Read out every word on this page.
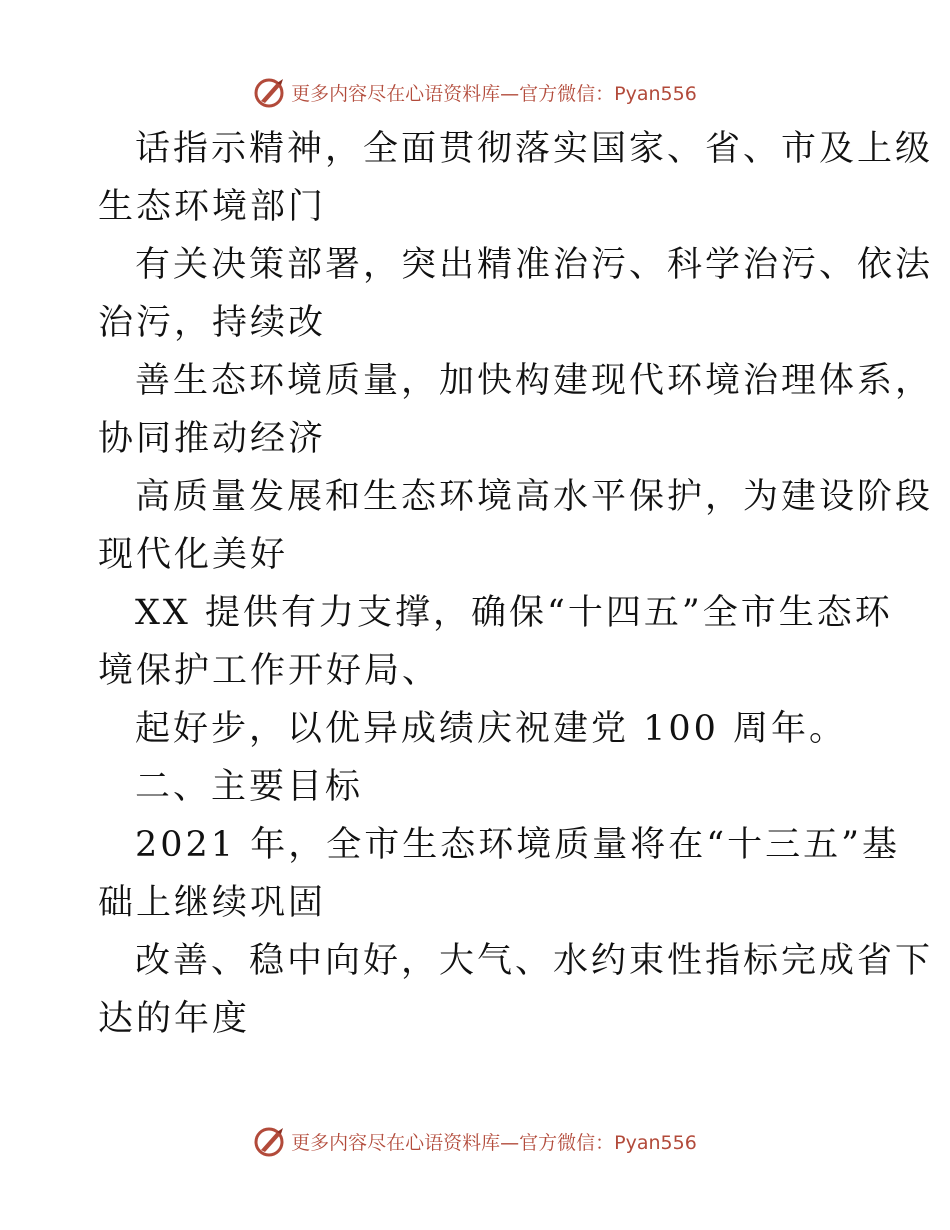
更多内容尽在心语资料库—官方微信：Pyan556
话指示精神，全面贯彻落实国家、省、市及上级
生态环境部门
有关决策部署，突出精准治污、科学治污、依法
治污，持续改
善生态环境质量，加快构建现代环境治理体系，
协同推动经济
高质量发展和生态环境高水平保护，为建设阶段
现代化美好
XX 提供有力支撑，确保“十四五”全市生态环
境保护工作开好局、
起好步，以优异成绩庆祝建党 100 周年。
二、主要目标
2021 年，全市生态环境质量将在“十三五”基
础上继续巩固
改善、稳中向好，大气、水约束性指标完成省下
达的年度
更多内容尽在心语资料库—官方微信：Pyan556
